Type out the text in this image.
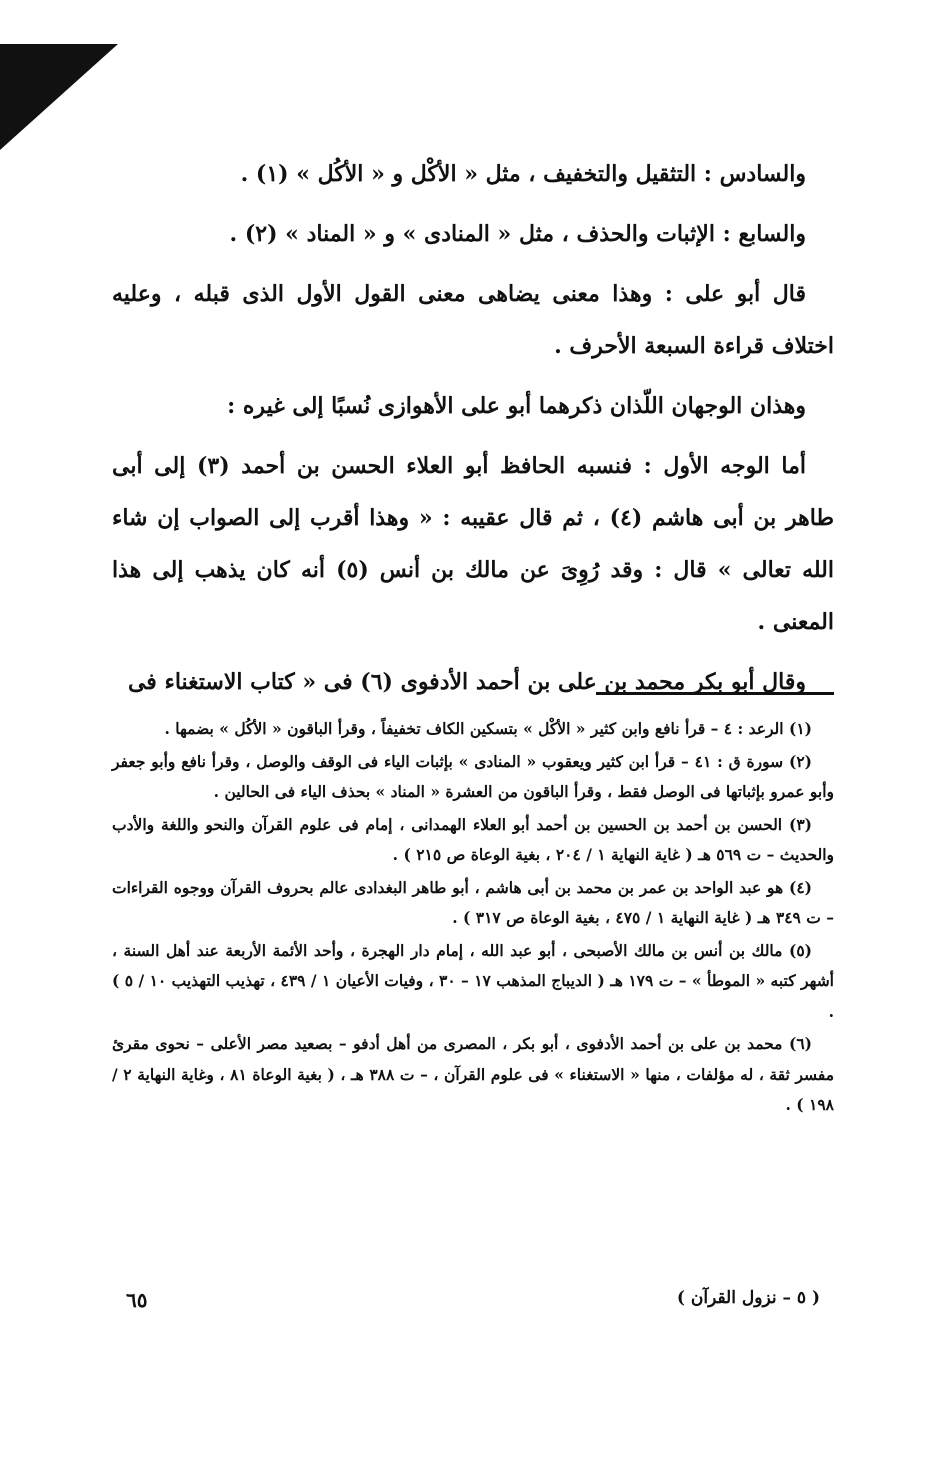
والسادس : التثقيل والتخفيف ، مثل « الأكْل و « الأكُل » (١) .

والسابع : الإثبات والحذف ، مثل « المنادى » و « المناد » (٢) .

قال أبو على : وهذا معنى يضاهى معنى القول الأول الذى قبله ، وعليه اختلاف قراءة السبعة الأحرف .

وهذان الوجهان اللّذان ذكرهما أبو على الأهوازى نُسبًا إلى غيره :

أما الوجه الأول : فنسبه الحافظ أبو العلاء الحسن بن أحمد (٣) إلى أبى طاهر بن أبى هاشم (٤) ، ثم قال عقيبه : « وهذا أقرب إلى الصواب إن شاء الله تعالى » قال : وقد رُوِىَ عن مالك بن أنس (٥) أنه كان يذهب إلى هذا المعنى .

وقال أبو بكر محمد بن على بن أحمد الأدفوى (٦) فى « كتاب الاستغناء فى

(١) الرعد : ٤ – قرأ نافع وابن كثير « الأكْل » بتسكين الكاف تخفيفاً ، وقرأ الباقون « الأكُل » بضمها .

(٢) سورة ق : ٤١ – قرأ ابن كثير ويعقوب « المنادى » بإثبات الياء فى الوقف والوصل ، وقرأ نافع وأبو جعفر وأبو عمرو بإثباتها فى الوصل فقط ، وقرأ الباقون من العشرة « المناد » بحذف الياء فى الحالين .

(٣) الحسن بن أحمد بن الحسين بن أحمد أبو العلاء الهمدانى ، إمام فى علوم القرآن والنحو واللغة والأدب والحديث – ت ٥٦٩ هـ ( غاية النهاية ١ / ٢٠٤ ، بغية الوعاة ص ٢١٥ ) .

(٤) هو عبد الواحد بن عمر بن محمد بن أبى هاشم ، أبو طاهر البغدادى عالم بحروف القرآن ووجوه القراءات – ت ٣٤٩ هـ ( غاية النهاية ١ / ٤٧٥ ، بغية الوعاة ص ٣١٧ ) .

(٥) مالك بن أنس بن مالك الأصبحى ، أبو عبد الله ، إمام دار الهجرة ، وأحد الأئمة الأربعة عند أهل السنة ، أشهر كتبه « الموطأ » – ت ١٧٩ هـ ( الديباج المذهب ١٧ – ٣٠ ، وفيات الأعيان ١ / ٤٣٩ ، تهذيب التهذيب ١٠ / ٥ ) .

(٦) محمد بن على بن أحمد الأدفوى ، أبو بكر ، المصرى من أهل أدفو – بصعيد مصر الأعلى – نحوى مقرئ مفسر ثقة ، له مؤلفات ، منها « الاستغناء » فى علوم القرآن ، – ت ٣٨٨ هـ ، ( بغية الوعاة ٨١ ، وغاية النهاية ٢ / ١٩٨ ) .

٦٥	( ٥ – نزول القرآن )
